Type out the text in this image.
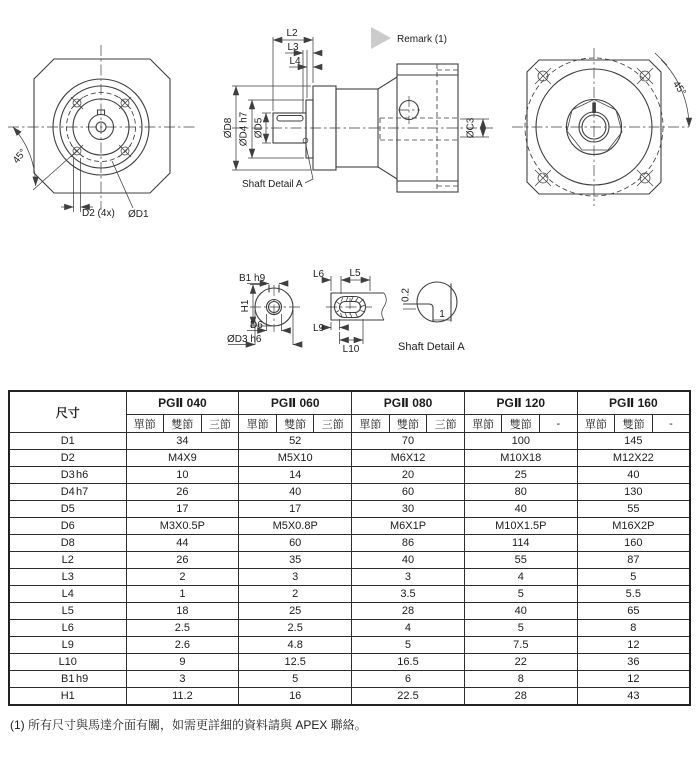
45°
D2 (4x) ØD1
L2
L3
L4
ØD8 ØD4 h7 ØD5
Shaft Detail A
Remark (1)
ØC3
45°
B1 h9
H1
D6
ØD3 h6
L6	L5
L9
L10
0.2
1
Shaft Detail A
尺寸	PGⅡ 040			PGⅡ 060			PGⅡ 080			PGⅡ 120			PGⅡ 160		
	單節	雙節	三節	單節	雙節	三節	單節	雙節	三節	單節	雙節	-	單節	雙節	-
D1	34			52			70			100			145		
D2	M4X9			M5X10			M6X12			M10X18			M12X22		
D3 h6	10			14			20			25			40		
D4 h7	26			40			60			80			130		
D5	17			17			30			40			55		
D6	M3X0.5P			M5X0.8P			M6X1P			M10X1.5P			M16X2P		
D8	44			60			86			114			160		
L2	26			35			40			55			87		
L3	2			3			3			4			5		
L4	1			2			3.5			5			5.5		
L5	18			25			28			40			65		
L6	2.5			2.5			4			5			8		
L9	2.6			4.8			5			7.5			12		
L10	9			12.5			16.5			22			36		
B1 h9	3			5			6			8			12		
H1	11.2			16			22.5			28			43		
(1) 所有尺寸與馬達介面有關，如需更詳細的資料請與 APEX 聯絡。
